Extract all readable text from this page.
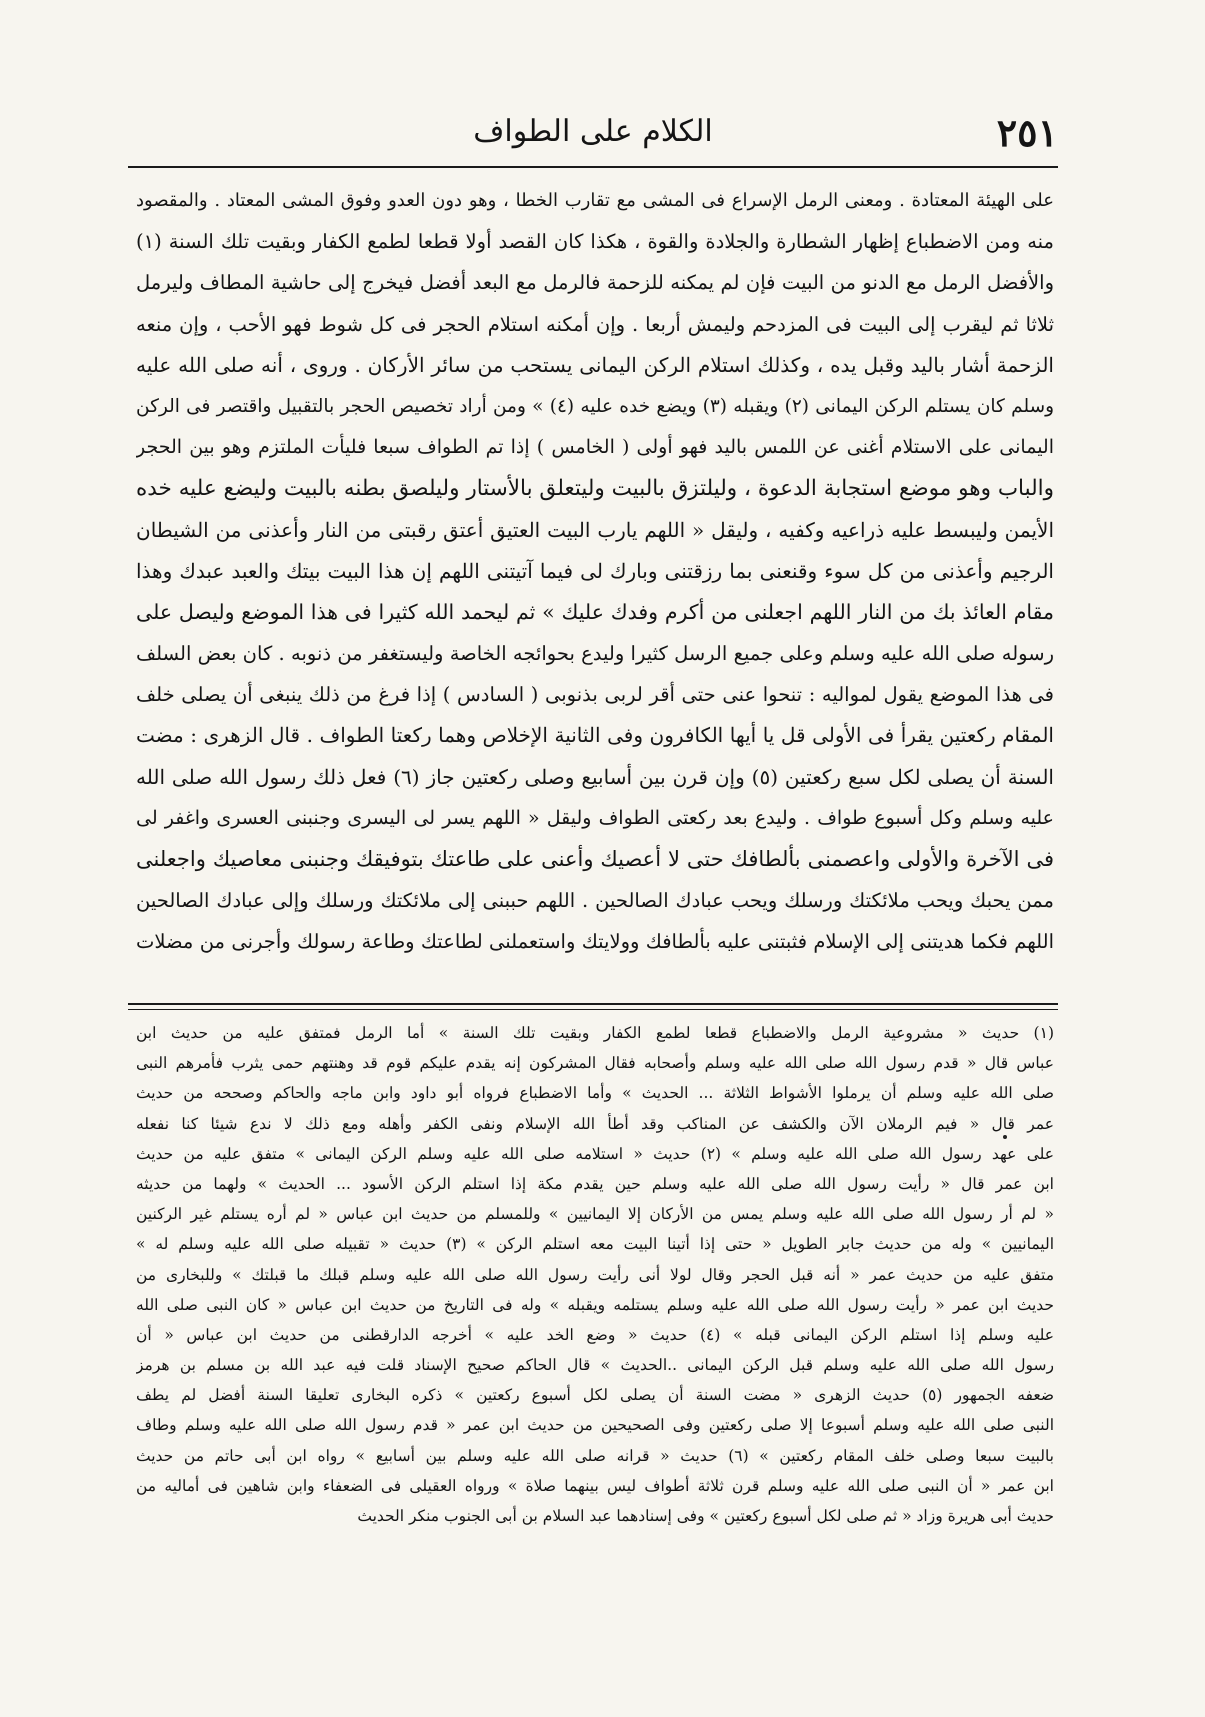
٢٥١
الكلام على الطواف
على الهيئة المعتادة . ومعنى الرمل الإسراع فى المشى مع تقارب الخطا ، وهو دون العدو وفوق المشى المعتاد . والمقصود
منه ومن الاضطباع إظهار الشطارة والجلادة والقوة ، هكذا كان القصد أولا قطعا لطمع الكفار وبقيت تلك السنة (١)
والأفضل الرمل مع الدنو من البيت فإن لم يمكنه للزحمة فالرمل مع البعد أفضل فيخرج إلى حاشية المطاف وليرمل
ثلاثا ثم ليقرب إلى البيت فى المزدحم وليمش أربعا . وإن أمكنه استلام الحجر فى كل شوط فهو الأحب ، وإن منعه
الزحمة أشار باليد وقبل يده ، وكذلك استلام الركن اليمانى يستحب من سائر الأركان . وروى ، أنه صلى الله عليه
وسلم كان يستلم الركن اليمانى (٢) ويقبله (٣) ويضع خده عليه (٤) » ومن أراد تخصيص الحجر بالتقبيل واقتصر فى الركن
اليمانى على الاستلام أغنى عن اللمس باليد فهو أولى ( الخامس ) إذا تم الطواف سبعا فليأت الملتزم وهو بين الحجر
والباب وهو موضع استجابة الدعوة ، وليلتزق بالبيت وليتعلق بالأستار وليلصق بطنه بالبيت وليضع عليه خده
الأيمن وليبسط عليه ذراعيه وكفيه ، وليقل « اللهم يارب البيت العتيق أعتق رقبتى من النار وأعذنى من الشيطان
الرجيم وأعذنى من كل سوء وقنعنى بما رزقتنى وبارك لى فيما آتيتنى اللهم إن هذا البيت بيتك والعبد عبدك وهذا
مقام العائذ بك من النار اللهم اجعلنى من أكرم وفدك عليك » ثم ليحمد الله كثيرا فى هذا الموضع وليصل على
رسوله صلى الله عليه وسلم وعلى جميع الرسل كثيرا وليدع بحوائجه الخاصة وليستغفر من ذنوبه . كان بعض السلف
فى هذا الموضع يقول لمواليه : تنحوا عنى حتى أقر لربى بذنوبى ( السادس ) إذا فرغ من ذلك ينبغى أن يصلى خلف
المقام ركعتين يقرأ فى الأولى قل يا أيها الكافرون وفى الثانية الإخلاص وهما ركعتا الطواف . قال الزهرى : مضت
السنة أن يصلى لكل سبع ركعتين (٥) وإن قرن بين أسابيع وصلى ركعتين جاز (٦) فعل ذلك رسول الله صلى الله
عليه وسلم وكل أسبوع طواف . وليدع بعد ركعتى الطواف وليقل « اللهم يسر لى اليسرى وجنبنى العسرى واغفر لى
فى الآخرة والأولى واعصمنى بألطافك حتى لا أعصيك وأعنى على طاعتك بتوفيقك وجنبنى معاصيك واجعلنى
ممن يحبك ويحب ملائكتك ورسلك ويحب عبادك الصالحين . اللهم حببنى إلى ملائكتك ورسلك وإلى عبادك الصالحين
اللهم فكما هديتنى إلى الإسلام فثبتنى عليه بألطافك وولايتك واستعملنى لطاعتك وطاعة رسولك وأجرنى من مضلات
(١) حديث « مشروعية الرمل والاضطباع قطعا لطمع الكفار وبقيت تلك السنة » أما الرمل فمتفق عليه من حديث ابن
عباس قال « قدم رسول الله صلى الله عليه وسلم وأصحابه فقال المشركون إنه يقدم عليكم قوم قد وهنتهم حمى يثرب فأمرهم النبى
صلى الله عليه وسلم أن يرملوا الأشواط الثلاثة ... الحديث » وأما الاضطباع فرواه أبو داود وابن ماجه والحاكم وصححه من حديث
عمر قال « فيم الرملان الآن والكشف عن المناكب وقد أطأ الله الإسلام ونفى الكفر وأهله ومع ذلك لا ندع شيئا كنا نفعله
على عهد رسول الله صلى الله عليه وسلم » (٢) حديث « استلامه صلى الله عليه وسلم الركن اليمانى » متفق عليه من حديث
ابن عمر قال « رأيت رسول الله صلى الله عليه وسلم حين يقدم مكة إذا استلم الركن الأسود ... الحديث » ولهما من حديثه
« لم أر رسول الله صلى الله عليه وسلم يمس من الأركان إلا اليمانيين » وللمسلم من حديث ابن عباس « لم أره يستلم غير الركنين
اليمانيين » وله من حديث جابر الطويل « حتى إذا أتينا البيت معه استلم الركن » (٣) حديث « تقبيله صلى الله عليه وسلم له »
متفق عليه من حديث عمر « أنه قبل الحجر وقال لولا أنى رأيت رسول الله صلى الله عليه وسلم قبلك ما قبلتك » وللبخارى من
حديث ابن عمر « رأيت رسول الله صلى الله عليه وسلم يستلمه ويقبله » وله فى التاريخ من حديث ابن عباس « كان النبى صلى الله
عليه وسلم إذا استلم الركن اليمانى قبله » (٤) حديث « وضع الخد عليه » أخرجه الدارقطنى من حديث ابن عباس « أن
رسول الله صلى الله عليه وسلم قبل الركن اليمانى ..الحديث » قال الحاكم صحيح الإسناد قلت فيه عبد الله بن مسلم بن هرمز
ضعفه الجمهور (٥) حديث الزهرى « مضت السنة أن يصلى لكل أسبوع ركعتين » ذكره البخارى تعليقا السنة أفضل لم يطف
النبى صلى الله عليه وسلم أسبوعا إلا صلى ركعتين وفى الصحيحين من حديث ابن عمر « قدم رسول الله صلى الله عليه وسلم وطاف
بالبيت سبعا وصلى خلف المقام ركعتين » (٦) حديث « قرانه صلى الله عليه وسلم بين أسابيع » رواه ابن أبى حاتم من حديث
ابن عمر « أن النبى صلى الله عليه وسلم قرن ثلاثة أطواف ليس بينهما صلاة » ورواه العقيلى فى الضعفاء وابن شاهين فى أماليه من
حديث أبى هريرة وزاد « ثم صلى لكل أسبوع ركعتين » وفى إسنادهما عبد السلام بن أبى الجنوب منكر الحديث
